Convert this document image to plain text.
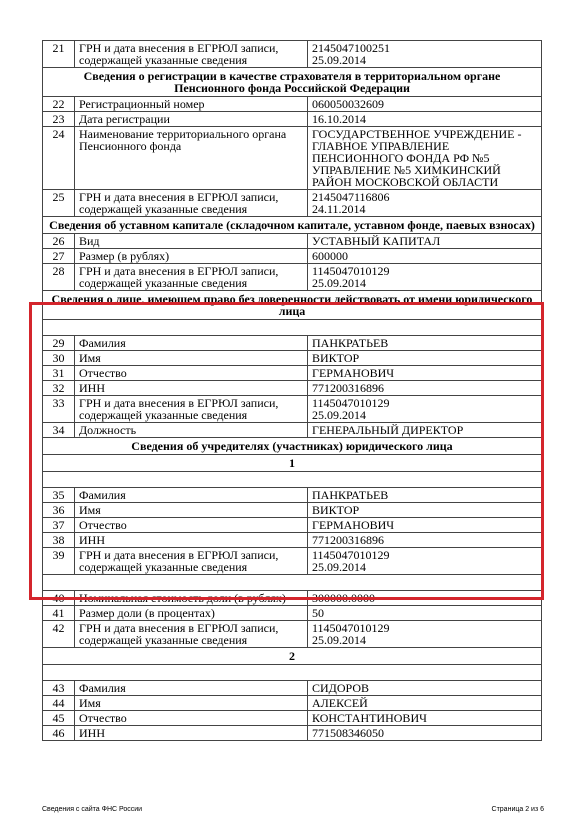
21	ГРН и дата внесения в ЕГРЮЛ записи, содержащей указанные сведения	2145047100251
25.09.2014
Сведения о регистрации в качестве страхователя в территориальном органе Пенсионного фонда Российской Федерации		
22	Регистрационный номер	060050032609
23	Дата регистрации	16.10.2014
24	Наименование территориального органа Пенсионного фонда	ГОСУДАРСТВЕННОЕ УЧРЕЖДЕНИЕ - ГЛАВНОЕ УПРАВЛЕНИЕ ПЕНСИОННОГО ФОНДА РФ №5 УПРАВЛЕНИЕ №5 ХИМКИНСКИЙ РАЙОН МОСКОВСКОЙ ОБЛАСТИ
25	ГРН и дата внесения в ЕГРЮЛ записи, содержащей указанные сведения	2145047116806
24.11.2014
Сведения об уставном капитале (складочном капитале, уставном фонде, паевых взносах)		
26	Вид	УСТАВНЫЙ КАПИТАЛ
27	Размер (в рублях)	600000
28	ГРН и дата внесения в ЕГРЮЛ записи, содержащей указанные сведения	1145047010129
25.09.2014
Сведения о лице, имеющем право без доверенности действовать от имени юридического лица		

29	Фамилия	ПАНКРАТЬЕВ
30	Имя	ВИКТОР
31	Отчество	ГЕРМАНОВИЧ
32	ИНН	771200316896
33	ГРН и дата внесения в ЕГРЮЛ записи, содержащей указанные сведения	1145047010129
25.09.2014
34	Должность	ГЕНЕРАЛЬНЫЙ ДИРЕКТОР
Сведения об учредителях (участниках) юридического лица		
1		

35	Фамилия	ПАНКРАТЬЕВ
36	Имя	ВИКТОР
37	Отчество	ГЕРМАНОВИЧ
38	ИНН	771200316896
39	ГРН и дата внесения в ЕГРЮЛ записи, содержащей указанные сведения	1145047010129
25.09.2014

40	Номинальная стоимость доли (в рублях)	300000.0000
41	Размер доли (в процентах)	50
42	ГРН и дата внесения в ЕГРЮЛ записи, содержащей указанные сведения	1145047010129
25.09.2014
2		

43	Фамилия	СИДОРОВ
44	Имя	АЛЕКСЕЙ
45	Отчество	КОНСТАНТИНОВИЧ
46	ИНН	771508346050
Сведения с сайта ФНС России	Страница 2 из 6
